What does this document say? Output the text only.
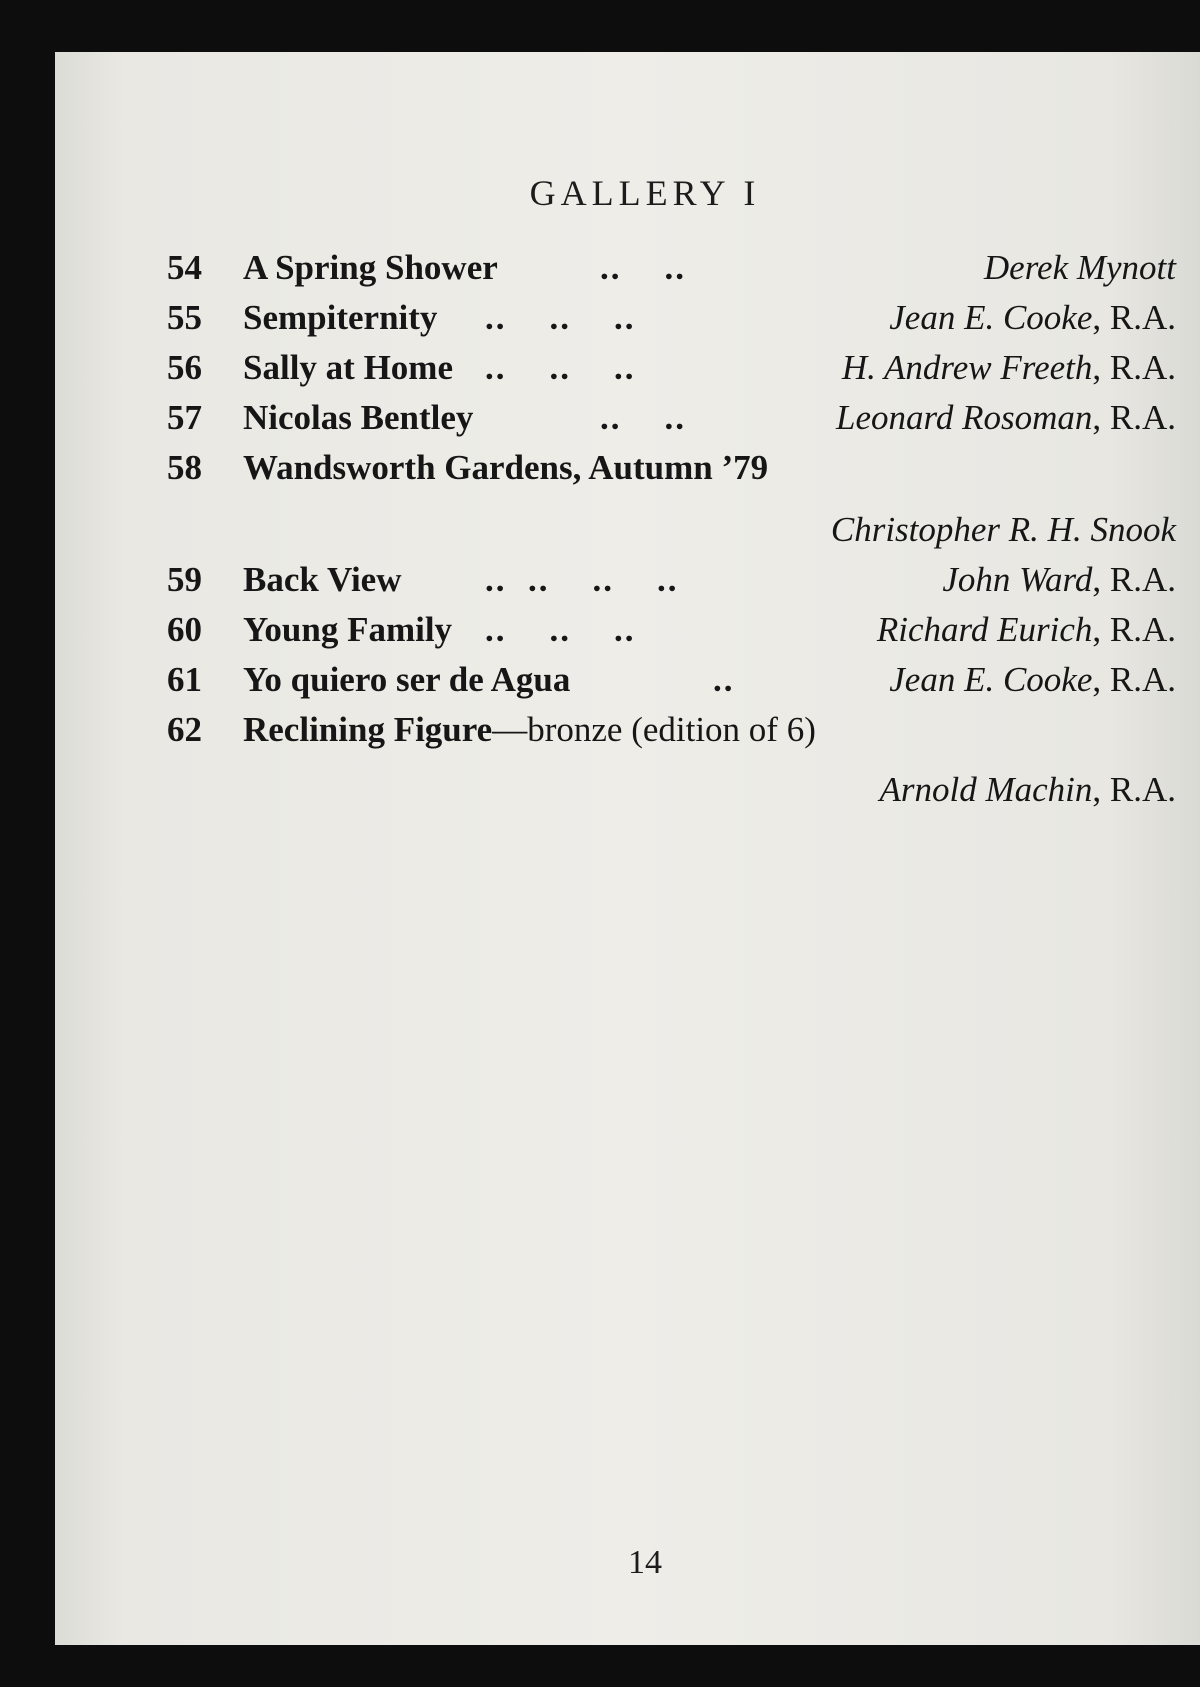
GALLERY I
54 A Spring Shower	..    ..	Derek Mynott
55 Sempiternity ..    ..    ..	Jean E. Cooke, R.A.
56 Sally at Home ..    ..    ..	H. Andrew Freeth, R.A.
57 Nicolas Bentley	..    ..	Leonard Rosoman, R.A.
58 Wandsworth Gardens, Autumn ’79
Christopher R. H. Snook
59 Back View ..  ..    ..    ..	John Ward, R.A.
60 Young Family ..    ..    ..	Richard Eurich, R.A.
61 Yo quiero ser de Agua	..	Jean E. Cooke, R.A.
62 Reclining Figure—bronze (edition of 6)
Arnold Machin, R.A.
14
